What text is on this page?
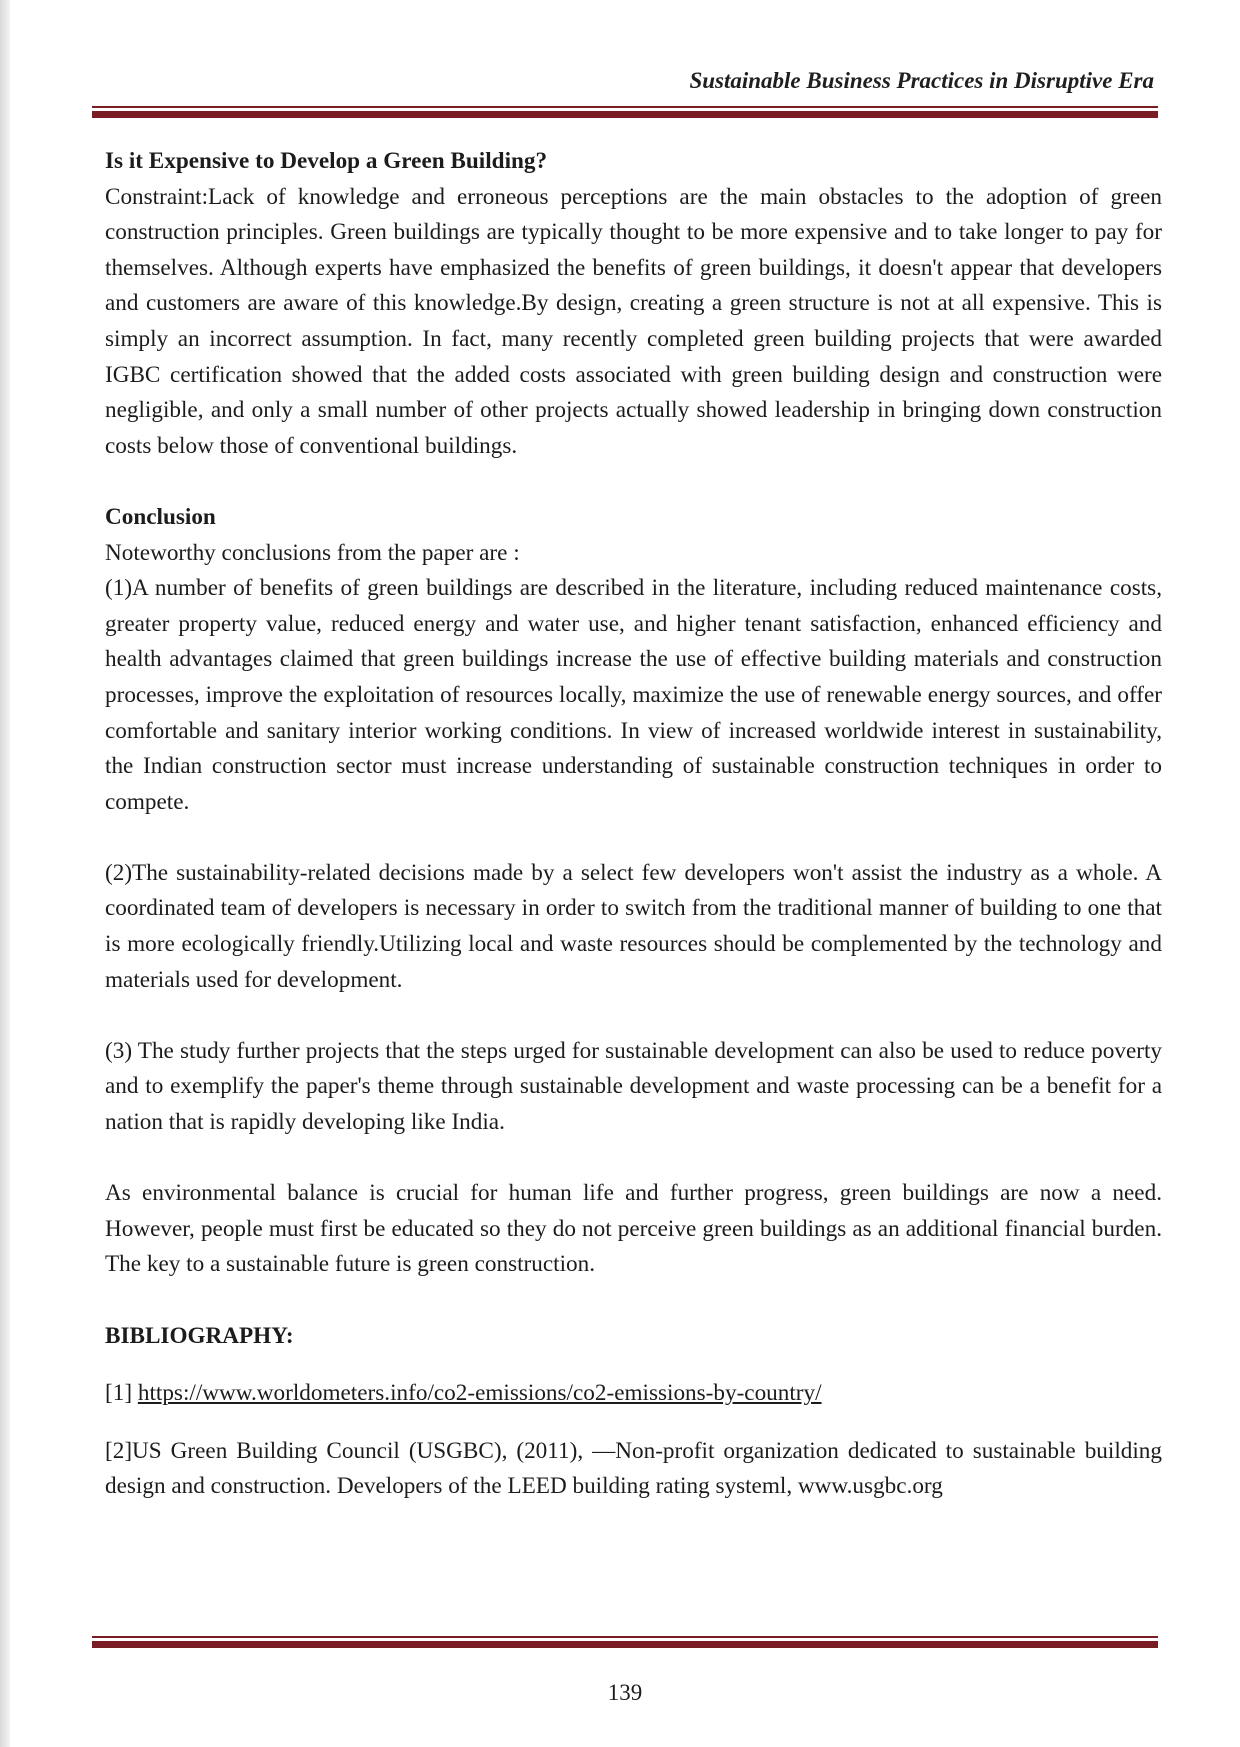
Sustainable Business Practices in Disruptive Era

Is it Expensive to Develop a Green Building?

Constraint:Lack of knowledge and erroneous perceptions are the main obstacles to the adoption of green construction principles. Green buildings are typically thought to be more expensive and to take longer to pay for themselves. Although experts have emphasized the benefits of green buildings, it doesn't appear that developers and customers are aware of this knowledge.By design, creating a green structure is not at all expensive. This is simply an incorrect assumption. In fact, many recently completed green building projects that were awarded IGBC certification showed that the added costs associated with green building design and construction were negligible, and only a small number of other projects actually showed leadership in bringing down construction costs below those of conventional buildings.

Conclusion

Noteworthy conclusions from the paper are :

(1)A number of benefits of green buildings are described in the literature, including reduced maintenance costs, greater property value, reduced energy and water use, and higher tenant satisfaction, enhanced efficiency and health advantages claimed that green buildings increase the use of effective building materials and construction processes, improve the exploitation of resources locally, maximize the use of renewable energy sources, and offer comfortable and sanitary interior working conditions. In view of increased worldwide interest in sustainability, the Indian construction sector must increase understanding of sustainable construction techniques in order to compete.

(2)The sustainability-related decisions made by a select few developers won't assist the industry as a whole. A coordinated team of developers is necessary in order to switch from the traditional manner of building to one that is more ecologically friendly.Utilizing local and waste resources should be complemented by the technology and materials used for development.

(3) The study further projects that the steps urged for sustainable development can also be used to reduce poverty and to exemplify the paper's theme through sustainable development and waste processing can be a benefit for a nation that is rapidly developing like India.

As environmental balance is crucial for human life and further progress, green buildings are now a need. However, people must first be educated so they do not perceive green buildings as an additional financial burden. The key to a sustainable future is green construction.

BIBLIOGRAPHY:

[1] https://www.worldometers.info/co2-emissions/co2-emissions-by-country/

[2]US Green Building Council (USGBC), (2011), —Non-profit organization dedicated to sustainable building design and construction. Developers of the LEED building rating systeml, www.usgbc.org

139
